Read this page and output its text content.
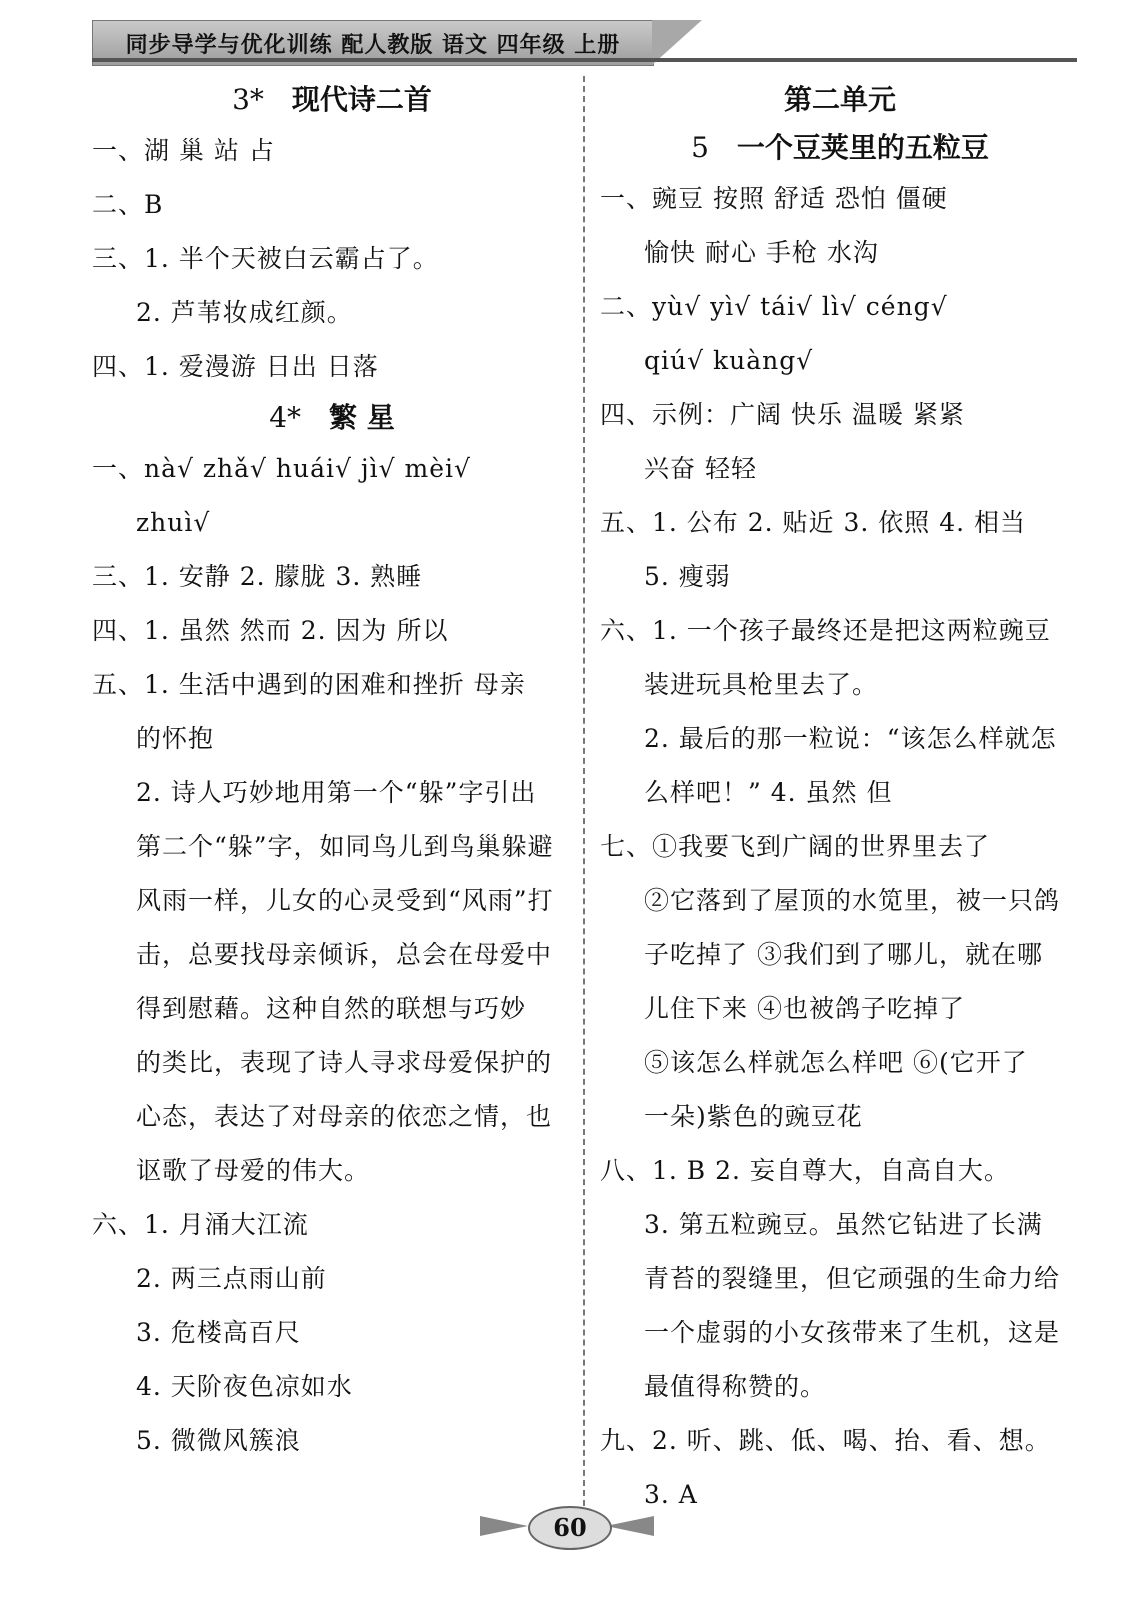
同步导学与优化训练 配人教版 语文 四年级 上册
3* 现代诗二首
一、湖 巢 站 占
二、B
三、1. 半个天被白云霸占了。
2. 芦苇妆成红颜。
四、1. 爱漫游 日出 日落
4* 繁 星
一、nà√ zhǎ√ huái√ jì√ mèi√
zhuì√
三、1. 安静 2. 朦胧 3. 熟睡
四、1. 虽然 然而 2. 因为 所以
五、1. 生活中遇到的困难和挫折 母亲
的怀抱
2. 诗人巧妙地用第一个“躲”字引出
第二个“躲”字，如同鸟儿到鸟巢躲避
风雨一样，儿女的心灵受到“风雨”打
击，总要找母亲倾诉，总会在母爱中
得到慰藉。这种自然的联想与巧妙
的类比，表现了诗人寻求母爱保护的
心态，表达了对母亲的依恋之情，也
讴歌了母爱的伟大。
六、1. 月涌大江流
2. 两三点雨山前
3. 危楼高百尺
4. 天阶夜色凉如水
5. 微微风簇浪
第二单元
5 一个豆荚里的五粒豆
一、豌豆 按照 舒适 恐怕 僵硬
愉快 耐心 手枪 水沟
二、yù√ yì√ tái√ lì√ céng√
qiú√ kuàng√
四、示例：广阔 快乐 温暖 紧紧
兴奋 轻轻
五、1. 公布 2. 贴近 3. 依照 4. 相当
5. 瘦弱
六、1. 一个孩子最终还是把这两粒豌豆
装进玩具枪里去了。
2. 最后的那一粒说：“该怎么样就怎
么样吧！” 4. 虽然 但
七、①我要飞到广阔的世界里去了
②它落到了屋顶的水笕里，被一只鸽
子吃掉了 ③我们到了哪儿，就在哪
儿住下来 ④也被鸽子吃掉了
⑤该怎么样就怎么样吧 ⑥(它开了
一朵)紫色的豌豆花
八、1. B 2. 妄自尊大，自高自大。
3. 第五粒豌豆。虽然它钻进了长满
青苔的裂缝里，但它顽强的生命力给
一个虚弱的小女孩带来了生机，这是
最值得称赞的。
九、2. 听、跳、低、喝、抬、看、想。
3. A
60
